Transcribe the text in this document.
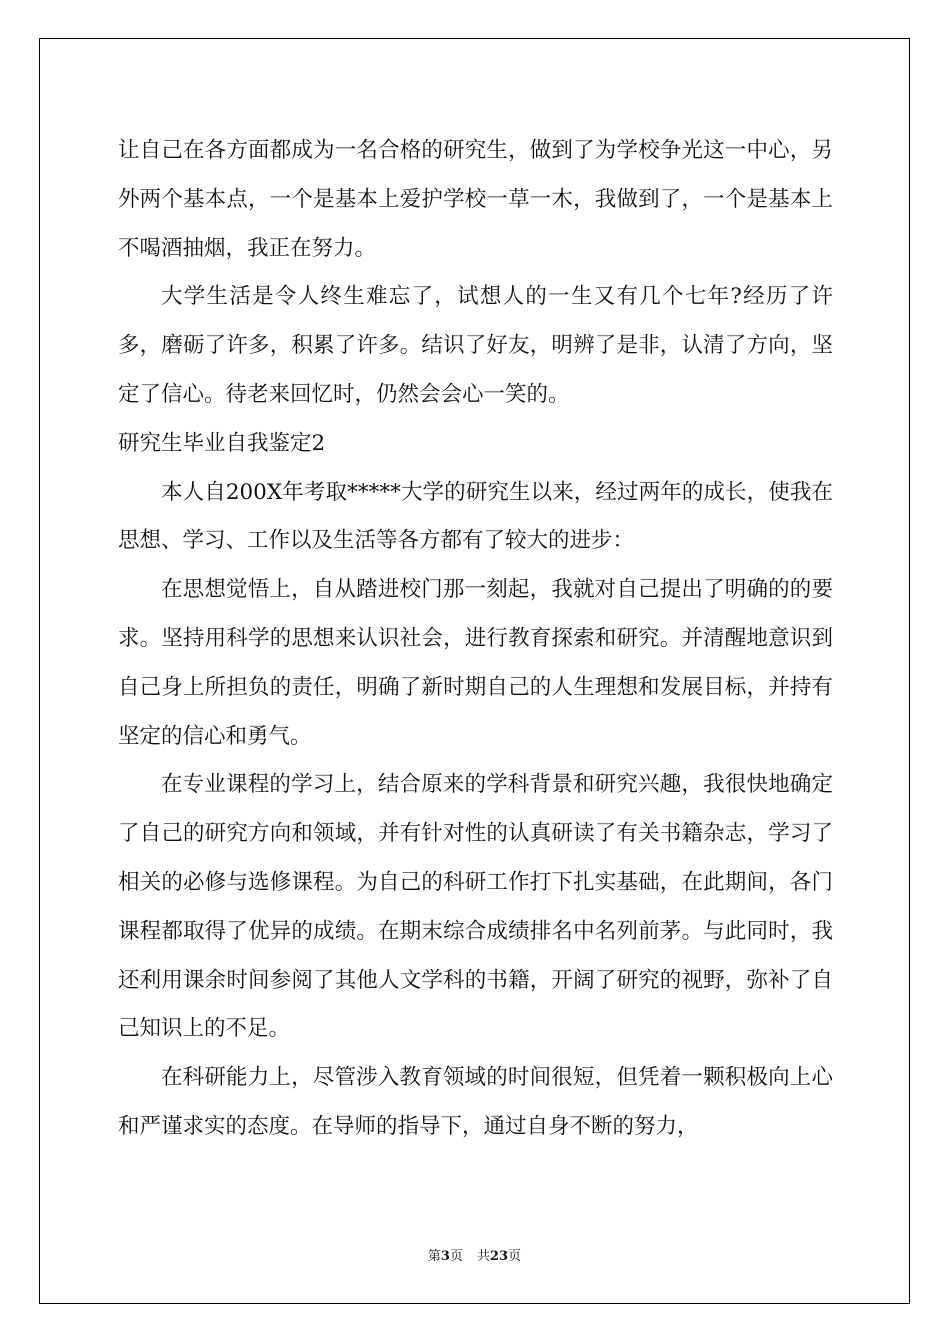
让自己在各方面都成为一名合格的研究生，做到了为学校争光这一中心，另外两个基本点，一个是基本上爱护学校一草一木，我做到了，一个是基本上不喝酒抽烟，我正在努力。

大学生活是令人终生难忘了，试想人的一生又有几个七年?经历了许多，磨砺了许多，积累了许多。结识了好友，明辨了是非，认清了方向，坚定了信心。待老来回忆时，仍然会会心一笑的。

研究生毕业自我鉴定2

本人自200X年考取*****大学的研究生以来，经过两年的成长，使我在思想、学习、工作以及生活等各方都有了较大的进步：

在思想觉悟上，自从踏进校门那一刻起，我就对自己提出了明确的的要求。坚持用科学的思想来认识社会，进行教育探索和研究。并清醒地意识到自己身上所担负的责任，明确了新时期自己的人生理想和发展目标，并持有坚定的信心和勇气。

在专业课程的学习上，结合原来的学科背景和研究兴趣，我很快地确定了自己的研究方向和领域，并有针对性的认真研读了有关书籍杂志，学习了相关的必修与选修课程。为自己的科研工作打下扎实基础，在此期间，各门课程都取得了优异的成绩。在期末综合成绩排名中名列前茅。与此同时，我还利用课余时间参阅了其他人文学科的书籍，开阔了研究的视野，弥补了自己知识上的不足。

在科研能力上，尽管涉入教育领域的时间很短，但凭着一颗积极向上心和严谨求实的态度。在导师的指导下，通过自身不断的努力，

第3页 共23页
